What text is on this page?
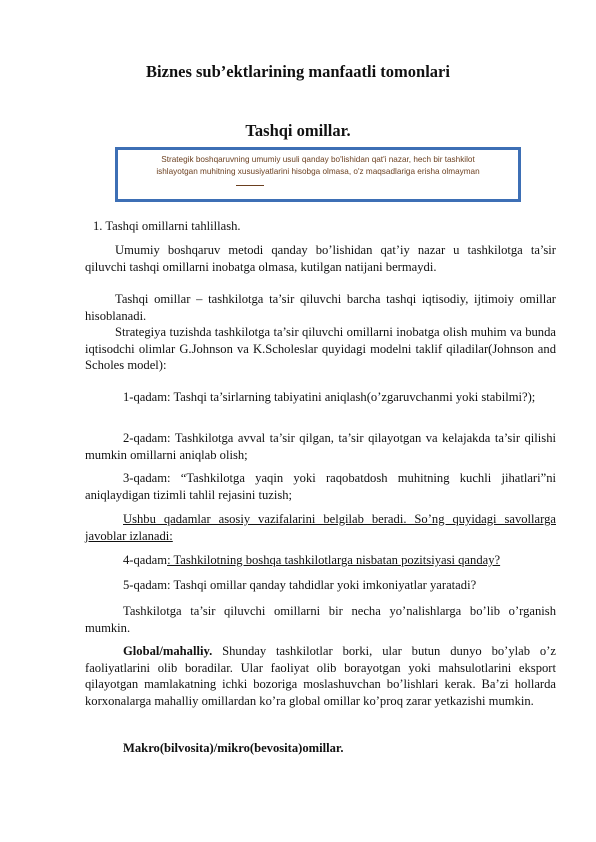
Biznes sub’ektlarining manfaatli tomonlari
Tashqi omillar.
Strategik boshqaruvning umumiy usuli qanday bo'lishidan qat'i nazar, hech bir tashkilot
ishlayotgan muhitning xususiyatlarini hisobga olmasa, o'z maqsadlariga erisha olmayman
1. Tashqi omillarni tahlillash.
Umumiy boshqaruv metodi qanday bo’lishidan qat’iy nazar u tashkilotga ta’sir qiluvchi tashqi omillarni inobatga olmasa, kutilgan natijani bermaydi.
Tashqi omillar – tashkilotga ta’sir qiluvchi barcha tashqi iqtisodiy, ijtimoiy omillar hisoblanadi.
Strategiya tuzishda tashkilotga ta’sir qiluvchi omillarni inobatga olish muhim va bunda iqtisodchi olimlar G.Johnson va K.Scholeslar quyidagi modelni taklif qiladilar(Johnson and Scholes model):
1-qadam: Tashqi ta’sirlarning tabiyatini aniqlash(o’zgaruvchanmi yoki stabilmi?);
2-qadam: Tashkilotga avval ta’sir qilgan, ta’sir qilayotgan va kelajakda ta’sir qilishi mumkin omillarni aniqlab olish;
3-qadam: “Tashkilotga yaqin yoki raqobatdosh muhitning kuchli jihatlari”ni aniqlaydigan tizimli tahlil rejasini tuzish;
Ushbu qadamlar asosiy vazifalarini belgilab beradi. So’ng quyidagi savollarga javoblar izlanadi:
4-qadam: Tashkilotning boshqa tashkilotlarga nisbatan pozitsiyasi qanday?
5-qadam: Tashqi omillar qanday tahdidlar yoki imkoniyatlar yaratadi?
Tashkilotga ta’sir qiluvchi omillarni bir necha yo’nalishlarga bo’lib o’rganish mumkin.
Global/mahalliy. Shunday tashkilotlar borki, ular butun dunyo bo’ylab o’z faoliyatlarini olib boradilar. Ular faoliyat olib borayotgan yoki mahsulotlarini eksport qilayotgan mamlakatning ichki bozoriga moslashuvchan bo’lishlari kerak. Ba’zi hollarda korxonalarga mahalliy omillardan ko’ra global omillar ko’proq zarar yetkazishi mumkin.
Makro(bilvosita)/mikro(bevosita)omillar.
